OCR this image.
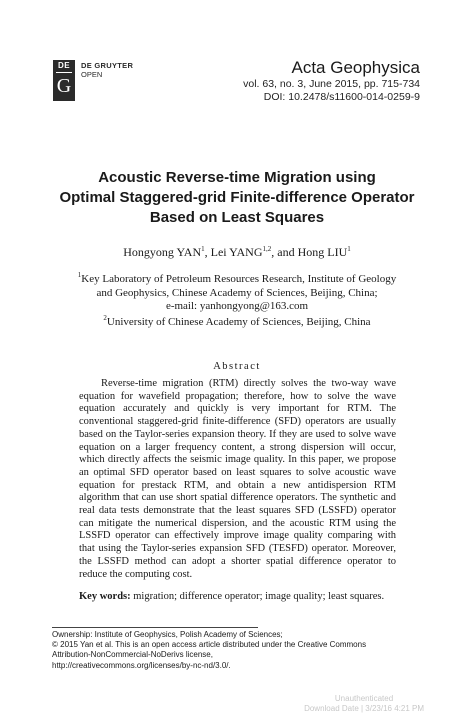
DE
G
DE GRUYTER
OPEN	Acta Geophysica
vol. 63, no. 3, June 2015, pp. 715-734
DOI: 10.2478/s11600-014-0259-9
Acoustic Reverse-time Migration using
Optimal Staggered-grid Finite-difference Operator
Based on Least Squares
Hongyong YAN$^1$, Lei YANG$^{1,2}$, and Hong LIU$^1$
$^1$Key Laboratory of Petroleum Resources Research, Institute of Geology
and Geophysics, Chinese Academy of Sciences, Beijing, China;
e-mail: yanhongyong@163.com
$^2$University of Chinese Academy of Sciences, Beijing, China
Abstract

Reverse-time migration (RTM) directly solves the two-way wave equation for wavefield propagation; therefore, how to solve the wave equation accurately and quickly is very important for RTM. The conventional staggered-grid finite-difference (SFD) operators are usually based on the Taylor-series expansion theory. If they are used to solve wave equation on a larger frequency content, a strong dispersion will occur, which directly affects the seismic image quality. In this paper, we propose an optimal SFD operator based on least squares to solve acoustic wave equation for prestack RTM, and obtain a new antidispersion RTM algorithm that can use short spatial difference operators. The synthetic and real data tests demonstrate that the least squares SFD (LSSFD) operator can mitigate the numerical dispersion, and the acoustic RTM using the LSSFD operator can effectively improve image quality comparing with that using the Taylor-series expansion SFD (TESFD) operator. Moreover, the LSSFD method can adopt a shorter spatial difference operator to reduce the computing cost.

Key words: migration; difference operator; image quality; least squares.
Ownership: Institute of Geophysics, Polish Academy of Sciences;
© 2015 Yan et al. This is an open access article distributed under the Creative Commons
Attribution-NonCommercial-NoDerivs license,
http://creativecommons.org/licenses/by-nc-nd/3.0/.
Unauthenticated
Download Date | 3/23/16 4:21 PM
